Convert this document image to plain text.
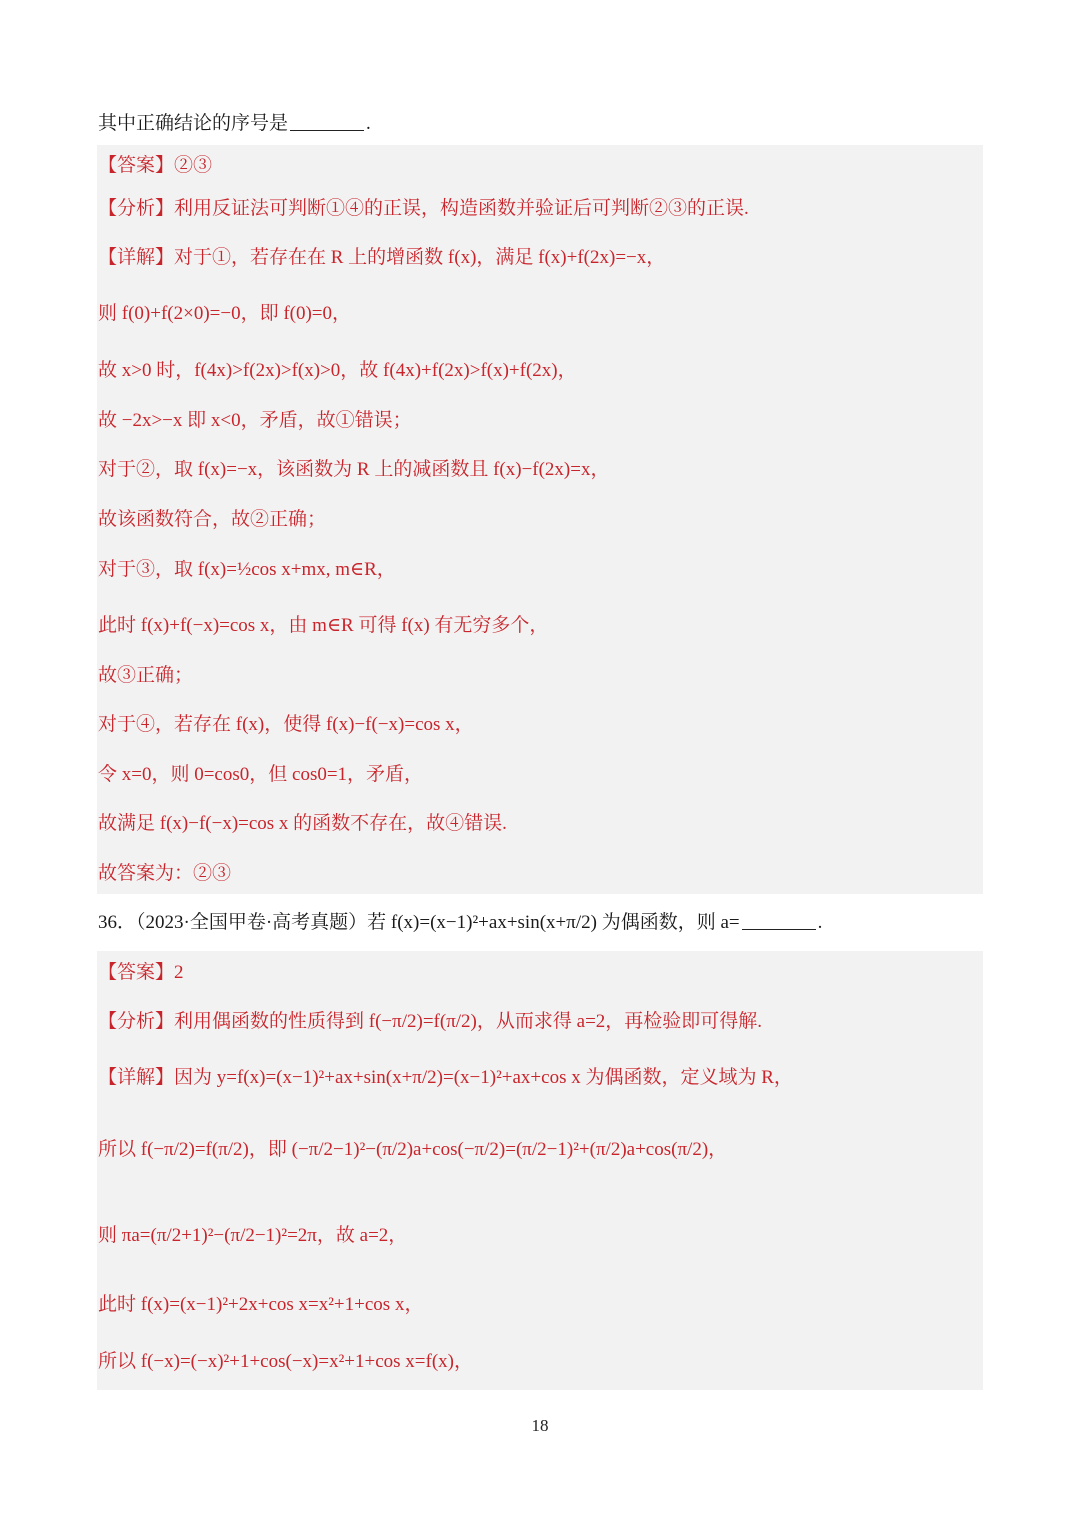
其中正确结论的序号是	.
【答案】②③
【分析】利用反证法可判断①④的正误，构造函数并验证后可判断②③的正误.
【详解】对于①，若存在在 R 上的增函数 f(x)，满足 f(x)+f(2x)=−x，
则 f(0)+f(2×0)=−0，即 f(0)=0，
故 x>0 时，f(4x)>f(2x)>f(x)>0，故 f(4x)+f(2x)>f(x)+f(2x)，
故 −2x>−x 即 x<0，矛盾，故①错误；
对于②，取 f(x)=−x，该函数为 R 上的减函数且 f(x)−f(2x)=x，
故该函数符合，故②正确；
对于③，取 f(x)=½cos x+mx, m∈R，
此时 f(x)+f(−x)=cos x，由 m∈R 可得 f(x) 有无穷多个，
故③正确；
对于④，若存在 f(x)，使得 f(x)−f(−x)=cos x，
令 x=0，则 0=cos0，但 cos0=1，矛盾，
故满足 f(x)−f(−x)=cos x 的函数不存在，故④错误.
故答案为：②③
36．（2023·全国甲卷·高考真题）若 f(x)=(x−1)²+ax+sin(x+π/2) 为偶函数，则 a=	.
【答案】2
【分析】利用偶函数的性质得到 f(−π/2)=f(π/2)，从而求得 a=2，再检验即可得解.
【详解】因为 y=f(x)=(x−1)²+ax+sin(x+π/2)=(x−1)²+ax+cos x 为偶函数，定义域为 R，
所以 f(−π/2)=f(π/2)，即 (−π/2−1)²−(π/2)a+cos(−π/2)=(π/2−1)²+(π/2)a+cos(π/2)，
则 πa=(π/2+1)²−(π/2−1)²=2π，故 a=2，
此时 f(x)=(x−1)²+2x+cos x=x²+1+cos x，
所以 f(−x)=(−x)²+1+cos(−x)=x²+1+cos x=f(x)，
18
